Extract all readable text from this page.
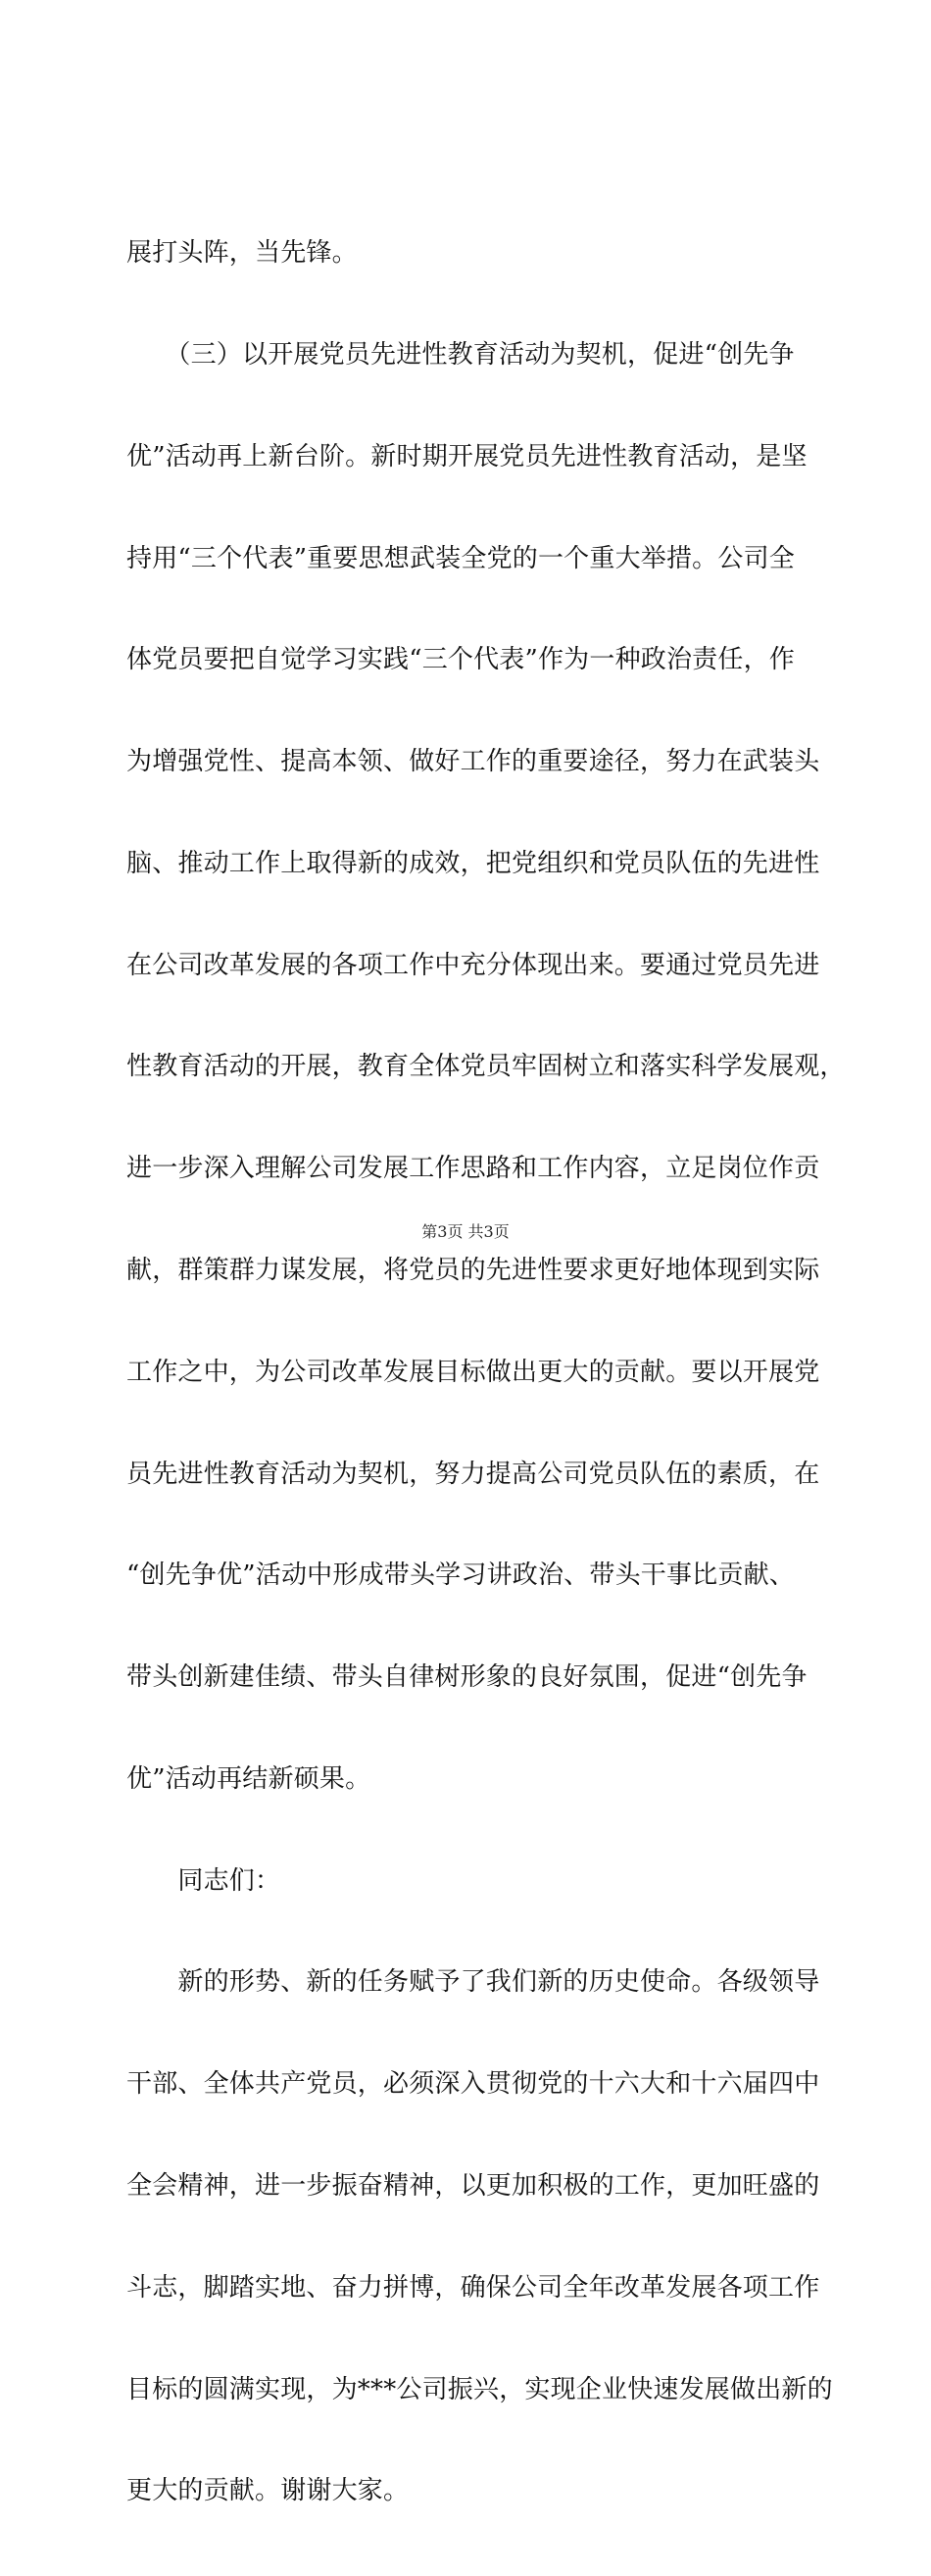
展打头阵，当先锋。

　　（三）以开展党员先进性教育活动为契机，促进“创先争

优”活动再上新台阶。新时期开展党员先进性教育活动，是坚

持用“三个代表”重要思想武装全党的一个重大举措。公司全

体党员要把自觉学习实践“三个代表”作为一种政治责任，作

为增强党性、提高本领、做好工作的重要途径，努力在武装头

脑、推动工作上取得新的成效，把党组织和党员队伍的先进性

在公司改革发展的各项工作中充分体现出来。要通过党员先进

性教育活动的开展，教育全体党员牢固树立和落实科学发展观，

进一步深入理解公司发展工作思路和工作内容，立足岗位作贡

献，群策群力谋发展，将党员的先进性要求更好地体现到实际

工作之中，为公司改革发展目标做出更大的贡献。要以开展党

员先进性教育活动为契机，努力提高公司党员队伍的素质，在

“创先争优”活动中形成带头学习讲政治、带头干事比贡献、

带头创新建佳绩、带头自律树形象的良好氛围，促进“创先争

优”活动再结新硕果。

　　同志们：

　　新的形势、新的任务赋予了我们新的历史使命。各级领导

干部、全体共产党员，必须深入贯彻党的十六大和十六届四中

全会精神，进一步振奋精神，以更加积极的工作，更加旺盛的

斗志，脚踏实地、奋力拼博，确保公司全年改革发展各项工作

目标的圆满实现，为***公司振兴，实现企业快速发展做出新的

更大的贡献。谢谢大家。

第3页 共3页
